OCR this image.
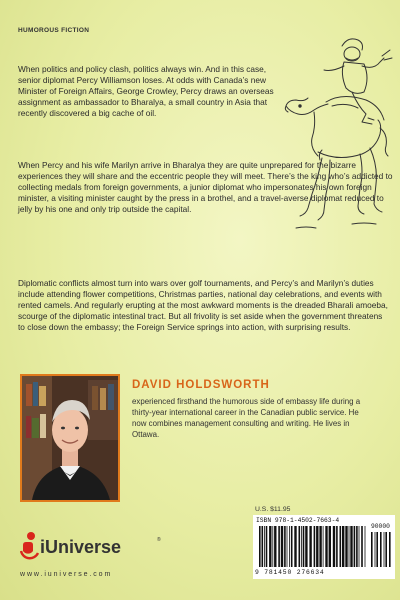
HUMOROUS FICTION

When politics and policy clash, politics always win. And in this case, senior diplomat Percy Williamson loses. At odds with Canada’s new Minister of Foreign Affairs, George Crowley, Percy draws an overseas assignment as ambassador to Bharalya, a small country in Asia that recently discovered a big cache of oil.

When Percy and his wife Marilyn arrive in Bharalya they are quite unprepared for the bizarre experiences they will share and the eccentric people they will meet. There’s the king who’s addicted to collecting medals from foreign governments, a junior diplomat who impersonates his own foreign minister, a visiting minister caught by the press in a brothel, and a travel-averse diplomat reduced to jelly by his one and only trip outside the capital.

Diplomatic conflicts almost turn into wars over golf tournaments, and Percy’s and Marilyn’s duties include attending flower competitions, Christmas parties, national day celebrations, and events with rented camels. And regularly erupting at the most awkward moments is the dreaded Bharali amoeba, scourge of the diplomatic intestinal tract. But all frivolity is set aside when the government threatens to close down the embassy; the Foreign Service springs into action, with surprising results.

DAVID HOLDSWORTH
experienced firsthand the humorous side of embassy life during a thirty-year international career in the Canadian public service. He now combines management consulting and writing. He lives in Ottawa.
U.S. $11.95
ISBN 978-1-4502-7663-4
90000
9 781450 276634
iUniverse	®
www.iuniverse.com
